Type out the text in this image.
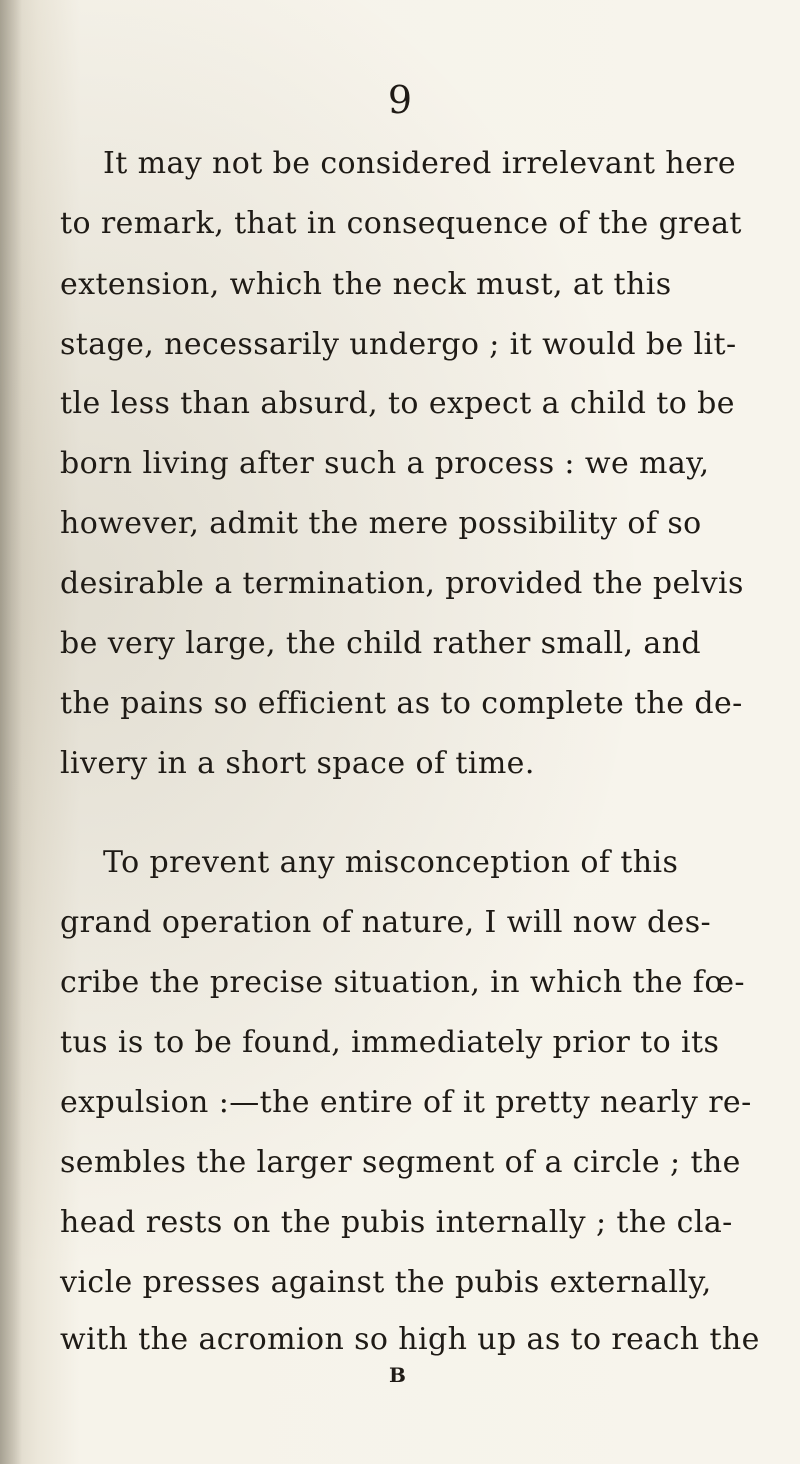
9
It may not be considered irrelevant here
to remark, that in consequence of the great
extension, which the neck must, at this
stage, necessarily undergo ; it would be lit-
tle less than absurd, to expect a child to be
born living after such a process : we may,
however, admit the mere possibility of so
desirable a termination, provided the pelvis
be very large, the child rather small, and
the pains so efficient as to complete the de-
livery in a short space of time.
To prevent any misconception of this
grand operation of nature, I will now des-
cribe the precise situation, in which the fœ-
tus is to be found, immediately prior to its
expulsion :—the entire of it pretty nearly re-
sembles the larger segment of a circle ; the
head rests on the pubis internally ; the cla-
vicle presses against the pubis externally,
with the acromion so high up as to reach the
B
